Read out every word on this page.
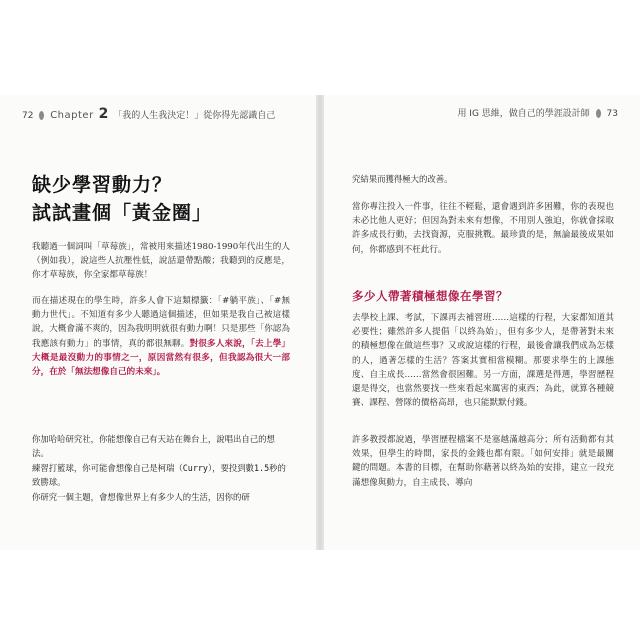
72 Chapter 2 「我的人生我決定！」從你得先認識自己	用 IG 思維，做自己的學涯設計師 73
缺少學習動力？
試試畫個「黃金圈」
我聽過一個詞叫「草莓族」，常被用來描述1980-1990年代出生的人（例如我），說這些人抗壓性低，說話還帶點酸；我聽到的反應是，你才草莓族，你全家都草莓族！
而在描述現在的學生時，許多人會下這類標籤：「#躺平族」、「#無動力世代」。不知道有多少人聽過這個描述，但如果是我自己被這樣說，大概會滿不爽的，因為我明明就很有動力啊！只是那些「你認為我應該有動力」的事情，真的都很無聊。對很多人來說，「去上學」大概是最沒動力的事情之一，原因當然有很多，但我認為很大一部分，在於「無法想像自己的未來」。
你加哈哈研究社，你能想像自己有天站在舞台上，說唱出自己的想法。
練習打籃球，你可能會想像自己是柯瑞（Curry），要投到數1.5秒的致勝球。
你研究一個主題，會想像世界上有多少人的生活，因你的研
究結果而獲得極大的改善。
當你專注投入一件事，往往不輕鬆，還會遇到許多困難，你的表現也未必比他人更好；但因為對未來有想像，不用別人強迫，你就會採取許多成長行動，去找資源，克服挑戰。最珍貴的是，無論最後成果如何，你都感到不枉此行。
多少人帶著積極想像在學習？
去學校上課、考試，下課再去補習班……這樣的行程，大家都知道其必要性；雖然許多人提倡「以終為始」，但有多少人，是帶著對未來的積極想像在做這些事？又或說這樣的行程，最後會讓我們成為怎樣的人，過著怎樣的生活？答案其實相當模糊。那要求學生的上課態度、自主成長……當然會很困難。另一方面，課選是得選，學習歷程還是得交，也當然要找一些來看起來厲害的東西；為此，就算各種競賽、課程、營隊的價格高昂，也只能默默付錢。
許多教授都說過，學習歷程檔案不是塞越滿越高分；所有活動都有其效果，但學生的時間，家長的金錢也都有限。「如何安排」就是最關鍵的問題。本書的目標，在幫助你藉著以終為始的安排，建立一段充滿想像與動力，自主成長、導向
